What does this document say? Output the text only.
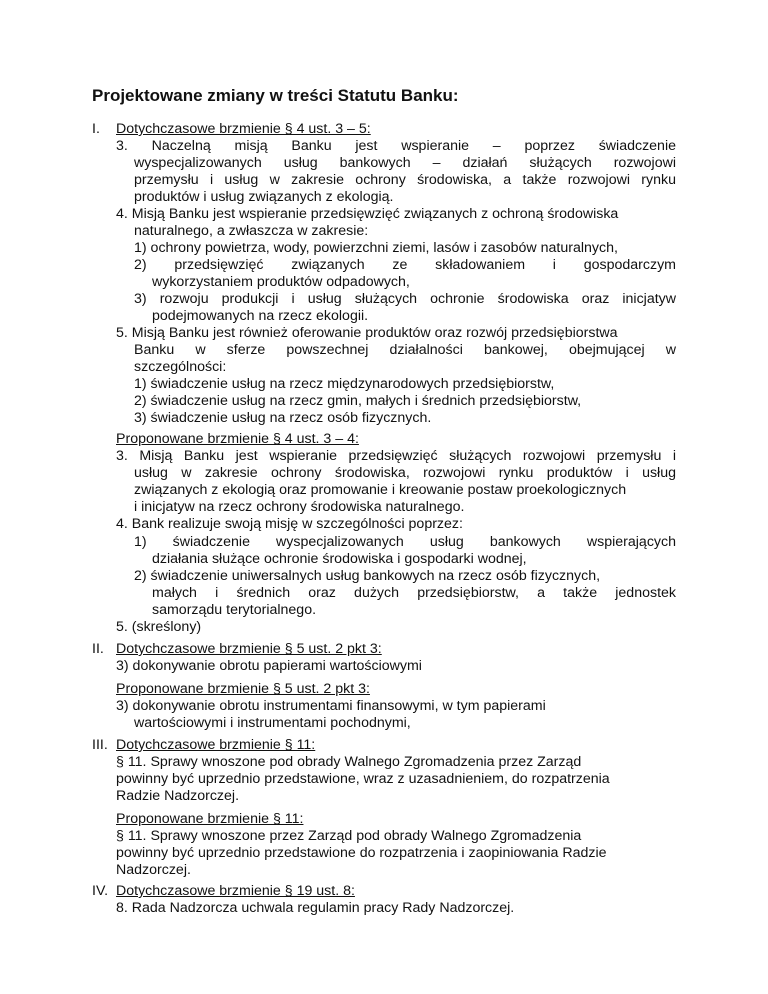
Projektowane zmiany w treści Statutu Banku:
I. Dotychczasowe brzmienie § 4 ust. 3 – 5:
3. Naczelną misją Banku jest wspieranie – poprzez świadczenie
wyspecjalizowanych usług bankowych – działań służących rozwojowi
przemysłu i usług w zakresie ochrony środowiska, a także rozwojowi rynku
produktów i usług związanych z ekologią.
4. Misją Banku jest wspieranie przedsięwzięć związanych z ochroną środowiska
naturalnego, a zwłaszcza w zakresie:
1) ochrony powietrza, wody, powierzchni ziemi, lasów i zasobów naturalnych,
2) przedsięwzięć związanych ze składowaniem i gospodarczym
wykorzystaniem produktów odpadowych,
3) rozwoju produkcji i usług służących ochronie środowiska oraz inicjatyw
podejmowanych na rzecz ekologii.
5. Misją Banku jest również oferowanie produktów oraz rozwój przedsiębiorstwa
Banku w sferze powszechnej działalności bankowej, obejmującej w
szczególności:
1) świadczenie usług na rzecz międzynarodowych przedsiębiorstw,
2) świadczenie usług na rzecz gmin, małych i średnich przedsiębiorstw,
3) świadczenie usług na rzecz osób fizycznych.
Proponowane brzmienie § 4 ust. 3 – 4:
3. Misją Banku jest wspieranie przedsięwzięć służących rozwojowi przemysłu i
usług w zakresie ochrony środowiska, rozwojowi rynku produktów i usług
związanych z ekologią oraz promowanie i kreowanie postaw proekologicznych
i inicjatyw na rzecz ochrony środowiska naturalnego.
4. Bank realizuje swoją misję w szczególności poprzez:
1) świadczenie wyspecjalizowanych usług bankowych wspierających
działania służące ochronie środowiska i gospodarki wodnej,
2) świadczenie uniwersalnych usług bankowych na rzecz osób fizycznych,
małych i średnich oraz dużych przedsiębiorstw, a także jednostek
samorządu terytorialnego.
5. (skreślony)
II. Dotychczasowe brzmienie § 5 ust. 2 pkt 3:
3) dokonywanie obrotu papierami wartościowymi
Proponowane brzmienie § 5 ust. 2 pkt 3:
3) dokonywanie obrotu instrumentami finansowymi, w tym papierami
wartościowymi i instrumentami pochodnymi,
III. Dotychczasowe brzmienie § 11:
§ 11. Sprawy wnoszone pod obrady Walnego Zgromadzenia przez Zarząd
powinny być uprzednio przedstawione, wraz z uzasadnieniem, do rozpatrzenia
Radzie Nadzorczej.
Proponowane brzmienie § 11:
§ 11. Sprawy wnoszone przez Zarząd pod obrady Walnego Zgromadzenia
powinny być uprzednio przedstawione do rozpatrzenia i zaopiniowania Radzie
Nadzorczej.
IV. Dotychczasowe brzmienie § 19 ust. 8:
8. Rada Nadzorcza uchwala regulamin pracy Rady Nadzorczej.
